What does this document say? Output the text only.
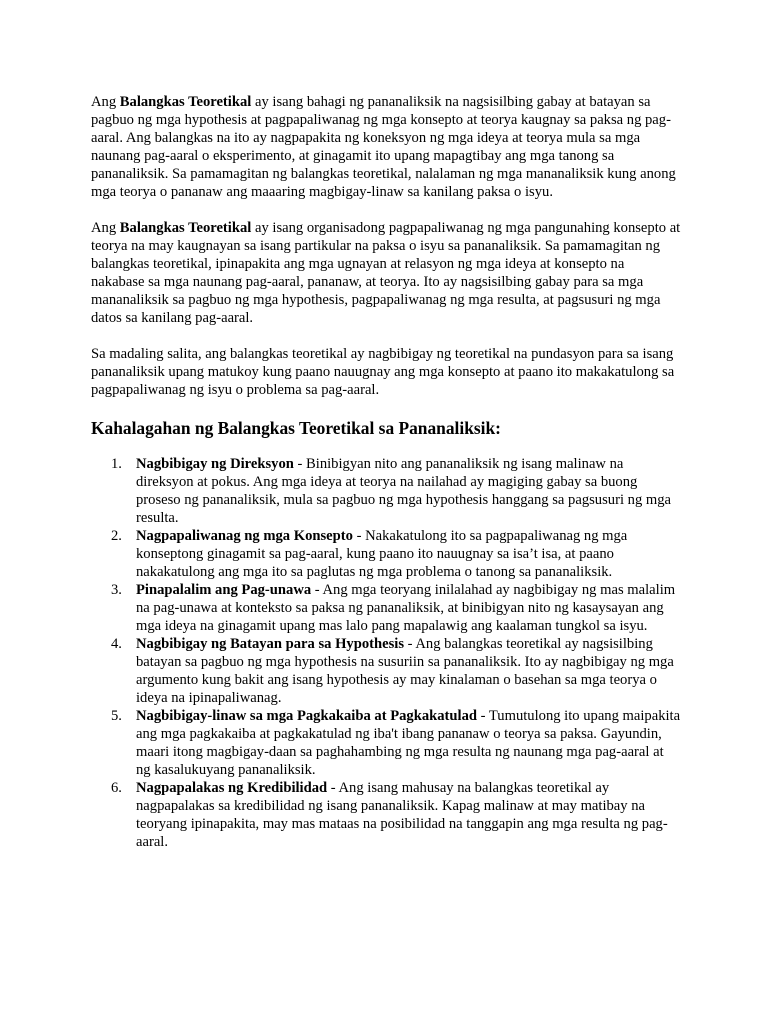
Ang Balangkas Teoretikal ay isang bahagi ng pananaliksik na nagsisilbing gabay at batayan sa pagbuo ng mga hypothesis at pagpapaliwanag ng mga konsepto at teorya kaugnay sa paksa ng pag-aaral. Ang balangkas na ito ay nagpapakita ng koneksyon ng mga ideya at teorya mula sa mga naunang pag-aaral o eksperimento, at ginagamit ito upang mapagtibay ang mga tanong sa pananaliksik. Sa pamamagitan ng balangkas teoretikal, nalalaman ng mga mananaliksik kung anong mga teorya o pananaw ang maaaring magbigay-linaw sa kanilang paksa o isyu.

Ang Balangkas Teoretikal ay isang organisadong pagpapaliwanag ng mga pangunahing konsepto at teorya na may kaugnayan sa isang partikular na paksa o isyu sa pananaliksik. Sa pamamagitan ng balangkas teoretikal, ipinapakita ang mga ugnayan at relasyon ng mga ideya at konsepto na nakabase sa mga naunang pag-aaral, pananaw, at teorya. Ito ay nagsisilbing gabay para sa mga mananaliksik sa pagbuo ng mga hypothesis, pagpapaliwanag ng mga resulta, at pagsusuri ng mga datos sa kanilang pag-aaral.

Sa madaling salita, ang balangkas teoretikal ay nagbibigay ng teoretikal na pundasyon para sa isang pananaliksik upang matukoy kung paano nauugnay ang mga konsepto at paano ito makakatulong sa pagpapaliwanag ng isyu o problema sa pag-aaral.

Kahalagahan ng Balangkas Teoretikal sa Pananaliksik:
1. Nagbibigay ng Direksyon - Binibigyan nito ang pananaliksik ng isang malinaw na direksyon at pokus. Ang mga ideya at teorya na nailahad ay magiging gabay sa buong proseso ng pananaliksik, mula sa pagbuo ng mga hypothesis hanggang sa pagsusuri ng mga resulta.
2. Nagpapaliwanag ng mga Konsepto - Nakakatulong ito sa pagpapaliwanag ng mga konseptong ginagamit sa pag-aaral, kung paano ito nauugnay sa isa’t isa, at paano nakakatulong ang mga ito sa paglutas ng mga problema o tanong sa pananaliksik.
3. Pinapalalim ang Pag-unawa - Ang mga teoryang inilalahad ay nagbibigay ng mas malalim na pag-unawa at konteksto sa paksa ng pananaliksik, at binibigyan nito ng kasaysayan ang mga ideya na ginagamit upang mas lalo pang mapalawig ang kaalaman tungkol sa isyu.
4. Nagbibigay ng Batayan para sa Hypothesis - Ang balangkas teoretikal ay nagsisilbing batayan sa pagbuo ng mga hypothesis na susuriin sa pananaliksik. Ito ay nagbibigay ng mga argumento kung bakit ang isang hypothesis ay may kinalaman o basehan sa mga teorya o ideya na ipinapaliwanag.
5. Nagbibigay-linaw sa mga Pagkakaiba at Pagkakatulad - Tumutulong ito upang maipakita ang mga pagkakaiba at pagkakatulad ng iba't ibang pananaw o teorya sa paksa. Gayundin, maari itong magbigay-daan sa paghahambing ng mga resulta ng naunang mga pag-aaral at ng kasalukuyang pananaliksik.
6. Nagpapalakas ng Kredibilidad - Ang isang mahusay na balangkas teoretikal ay nagpapalakas sa kredibilidad ng isang pananaliksik. Kapag malinaw at may matibay na teoryang ipinapakita, may mas mataas na posibilidad na tanggapin ang mga resulta ng pag-aaral.
